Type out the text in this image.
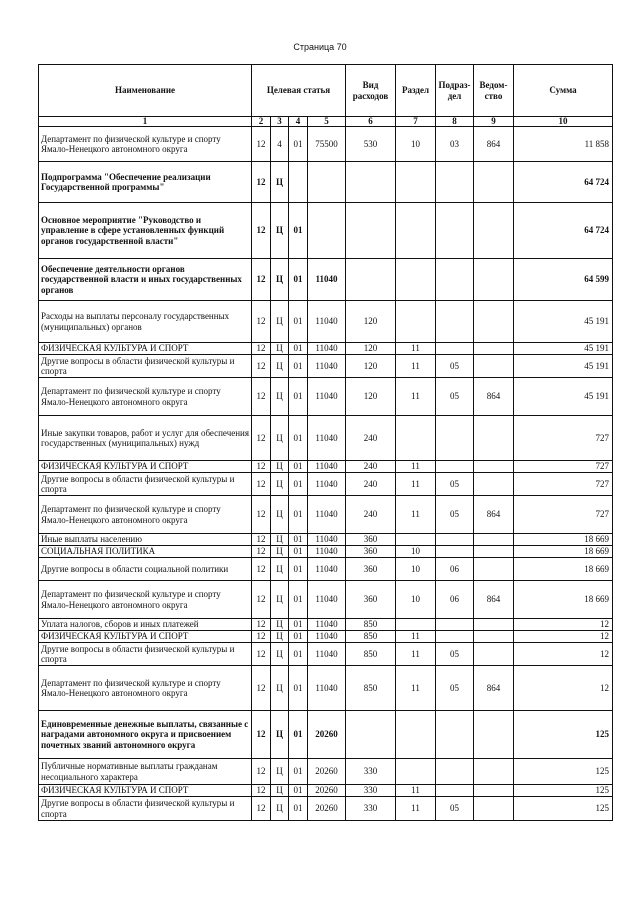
Страница 70
Наименование	Целевая статья				Вид расходов	Раздел	Подраз-дел	Ведом-ство	Сумма
1	2	3	4	5	6	7	8	9	10
Департамент по физической культуре и спорту Ямало-Ненецкого автономного округа	12	4	01	75500	530	10	03	864	11 858
Подпрограмма "Обеспечение реализации Государственной программы"	12	Ц							64 724
Основное мероприятие "Руководство и управление в сфере установленных функций органов государственной власти"	12	Ц	01						64 724
Обеспечение деятельности органов государственной власти и иных государственных органов	12	Ц	01	11040					64 599
Расходы на выплаты персоналу государственных (муниципальных) органов	12	Ц	01	11040	120				45 191
ФИЗИЧЕСКАЯ КУЛЬТУРА И СПОРТ	12	Ц	01	11040	120	11			45 191
Другие вопросы в области физической культуры и спорта	12	Ц	01	11040	120	11	05		45 191
Департамент по физической культуре и спорту Ямало-Ненецкого автономного округа	12	Ц	01	11040	120	11	05	864	45 191
Иные закупки товаров, работ и услуг для обеспечения государственных (муниципальных) нужд	12	Ц	01	11040	240				727
ФИЗИЧЕСКАЯ КУЛЬТУРА И СПОРТ	12	Ц	01	11040	240	11			727
Другие вопросы в области физической культуры и спорта	12	Ц	01	11040	240	11	05		727
Департамент по физической культуре и спорту Ямало-Ненецкого автономного округа	12	Ц	01	11040	240	11	05	864	727
Иные выплаты населению	12	Ц	01	11040	360				18 669
СОЦИАЛЬНАЯ ПОЛИТИКА	12	Ц	01	11040	360	10			18 669
Другие вопросы в области социальной политики	12	Ц	01	11040	360	10	06		18 669
Департамент по физической культуре и спорту Ямало-Ненецкого автономного округа	12	Ц	01	11040	360	10	06	864	18 669
Уплата налогов, сборов и иных платежей	12	Ц	01	11040	850				12
ФИЗИЧЕСКАЯ КУЛЬТУРА И СПОРТ	12	Ц	01	11040	850	11			12
Другие вопросы в области физической культуры и спорта	12	Ц	01	11040	850	11	05		12
Департамент по физической культуре и спорту Ямало-Ненецкого автономного округа	12	Ц	01	11040	850	11	05	864	12
Единовременные денежные выплаты, связанные с наградами автономного округа и присвоением почетных званий автономного округа	12	Ц	01	20260					125
Публичные нормативные выплаты гражданам несоциального характера	12	Ц	01	20260	330				125
ФИЗИЧЕСКАЯ КУЛЬТУРА И СПОРТ	12	Ц	01	20260	330	11			125
Другие вопросы в области физической культуры и спорта	12	Ц	01	20260	330	11	05		125
